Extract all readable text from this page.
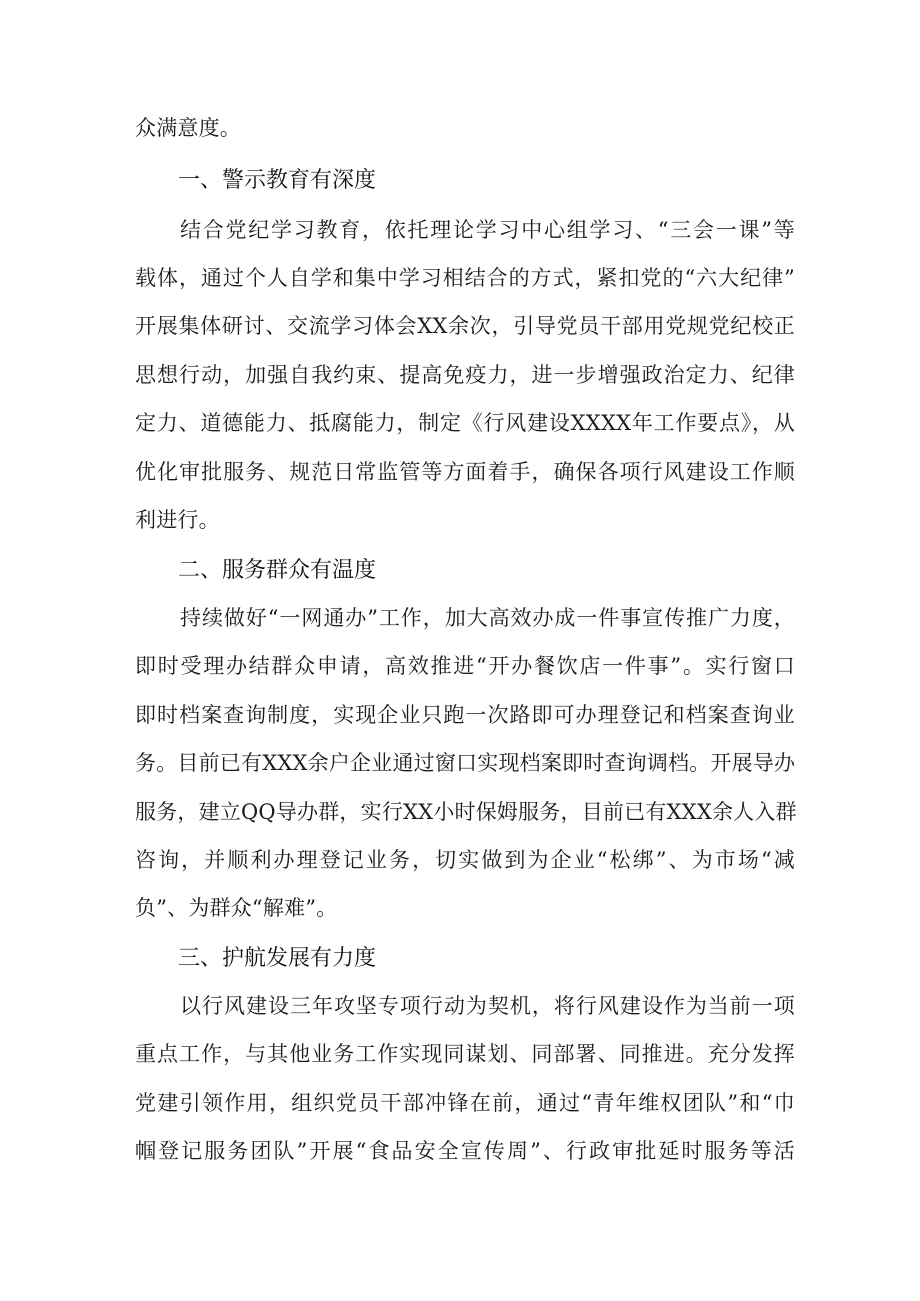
众满意度。
一、警示教育有深度
结合党纪学习教育，依托理论学习中心组学习、“三会一课”等
载体，通过个人自学和集中学习相结合的方式，紧扣党的“六大纪律”
开展集体研讨、交流学习体会XX余次，引导党员干部用党规党纪校正
思想行动，加强自我约束、提高免疫力，进一步增强政治定力、纪律
定力、道德能力、抵腐能力，制定《行风建设XXXX年工作要点》，从
优化审批服务、规范日常监管等方面着手，确保各项行风建设工作顺
利进行。
二、服务群众有温度
持续做好“一网通办”工作，加大高效办成一件事宣传推广力度，
即时受理办结群众申请，高效推进“开办餐饮店一件事”。实行窗口
即时档案查询制度，实现企业只跑一次路即可办理登记和档案查询业
务。目前已有XXX余户企业通过窗口实现档案即时查询调档。开展导办
服务，建立QQ导办群，实行XX小时保姆服务，目前已有XXX余人入群
咨询，并顺利办理登记业务，切实做到为企业“松绑”、为市场“减
负”、为群众“解难”。
三、护航发展有力度
以行风建设三年攻坚专项行动为契机，将行风建设作为当前一项
重点工作，与其他业务工作实现同谋划、同部署、同推进。充分发挥
党建引领作用，组织党员干部冲锋在前，通过“青年维权团队”和“巾
帼登记服务团队”开展“食品安全宣传周”、行政审批延时服务等活
